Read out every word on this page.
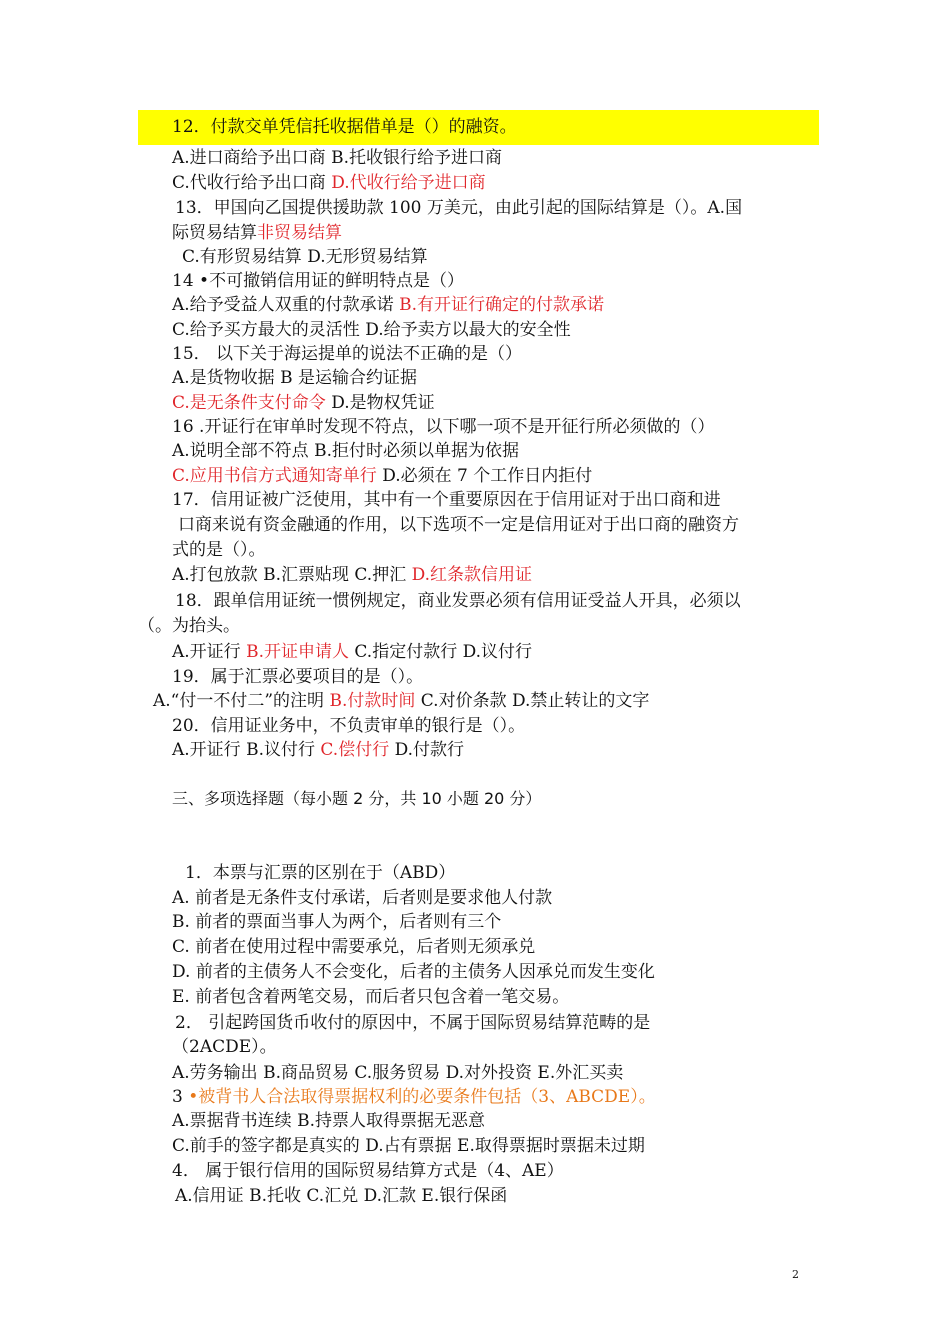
12．付款交单凭信托收据借单是（）的融资。
A.进口商给予出口商 B.托收银行给予进口商
C.代收行给予出口商 D.代收行给予进口商
13．甲国向乙国提供援助款 100 万美元，由此引起的国际结算是（）。A.国
际贸易结算非贸易结算
C.有形贸易结算 D.无形贸易结算
14 •不可撤销信用证的鲜明特点是（）
A.给予受益人双重的付款承诺 B.有开证行确定的付款承诺
C.给予买方最大的灵活性 D.给予卖方以最大的安全性
15． 以下关于海运提单的说法不正确的是（）
A.是货物收据 B 是运输合约证据
C.是无条件支付命令 D.是物权凭证
16 .开证行在审单时发现不符点，以下哪一项不是开征行所必须做的（）
A.说明全部不符点 B.拒付时必须以单据为依据
C.应用书信方式通知寄单行 D.必须在 7 个工作日内拒付
17．信用证被广泛使用，其中有一个重要原因在于信用证对于出口商和进
口商来说有资金融通的作用，以下选项不一定是信用证对于出口商的融资方
式的是（）。
A.打包放款 B.汇票贴现 C.押汇 D.红条款信用证
18．跟单信用证统一惯例规定，商业发票必须有信用证受益人开具，必须以
（。为抬头。
A.开证行 B.开证申请人 C.指定付款行 D.议付行
19．属于汇票必要项目的是（）。
A.“付一不付二”的注明 B.付款时间 C.对价条款 D.禁止转让的文字
20．信用证业务中，不负责审单的银行是（）。
A.开证行 B.议付行 C.偿付行 D.付款行
三、多项选择题（每小题 2 分，共 10 小题 20 分）
1．本票与汇票的区别在于（ABD）
A. 前者是无条件支付承诺，后者则是要求他人付款
B. 前者的票面当事人为两个，后者则有三个
C. 前者在使用过程中需要承兑，后者则无须承兑
D. 前者的主债务人不会变化，后者的主债务人因承兑而发生变化
E. 前者包含着两笔交易，而后者只包含着一笔交易。
2． 引起跨国货币收付的原因中，不属于国际贸易结算范畴的是
（2ACDE）。
A.劳务输出 B.商品贸易 C.服务贸易 D.对外投资 E.外汇买卖
3 •被背书人合法取得票据权利的必要条件包括（3、ABCDE）。
A.票据背书连续 B.持票人取得票据无恶意
C.前手的签字都是真实的 D.占有票据 E.取得票据时票据未过期
4． 属于银行信用的国际贸易结算方式是（4、AE）
A.信用证 B.托收 C.汇兑 D.汇款 E.银行保函
2
